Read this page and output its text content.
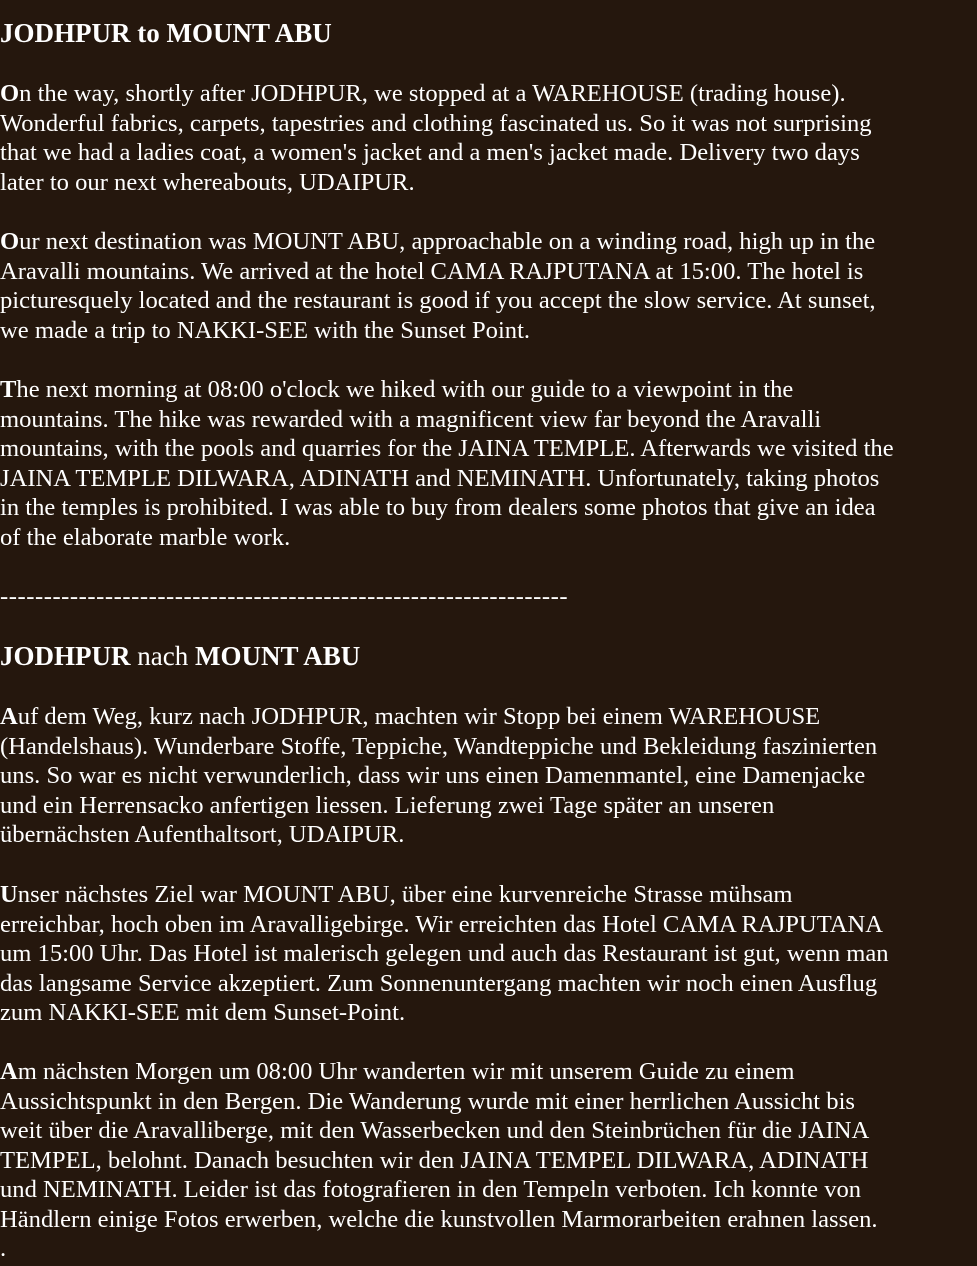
JODHPUR to MOUNT ABU

On the way, shortly after JODHPUR, we stopped at a WAREHOUSE (trading house).
Wonderful fabrics, carpets, tapestries and clothing fascinated us. So it was not surprising
that we had a ladies coat, a women's jacket and a men's jacket made. Delivery two days
later to our next whereabouts, UDAIPUR.

Our next destination was MOUNT ABU, approachable on a winding road, high up in the
Aravalli mountains. We arrived at the hotel CAMA RAJPUTANA at 15:00. The hotel is
picturesquely located and the restaurant is good if you accept the slow service. At sunset,
we made a trip to NAKKI-SEE with the Sunset Point.

The next morning at 08:00 o'clock we hiked with our guide to a viewpoint in the
mountains. The hike was rewarded with a magnificent view far beyond the Aravalli
mountains, with the pools and quarries for the JAINA TEMPLE. Afterwards we visited the
JAINA TEMPLE DILWARA, ADINATH and NEMINATH. Unfortunately, taking photos
in the temples is prohibited. I was able to buy from dealers some photos that give an idea
of the elaborate marble work.

-----------------------------------------------------------------

JODHPUR nach MOUNT ABU

Auf dem Weg, kurz nach JODHPUR, machten wir Stopp bei einem WAREHOUSE
(Handelshaus). Wunderbare Stoffe, Teppiche, Wandteppiche und Bekleidung faszinierten
uns. So war es nicht verwunderlich, dass wir uns einen Damenmantel, eine Damenjacke
und ein Herrensacko anfertigen liessen. Lieferung zwei Tage später an unseren
übernächsten Aufenthaltsort, UDAIPUR.

Unser nächstes Ziel war MOUNT ABU, über eine kurvenreiche Strasse mühsam
erreichbar, hoch oben im Aravalligebirge. Wir erreichten das Hotel CAMA RAJPUTANA
um 15:00 Uhr. Das Hotel ist malerisch gelegen und auch das Restaurant ist gut, wenn man
das langsame Service akzeptiert. Zum Sonnenuntergang machten wir noch einen Ausflug
zum NAKKI-SEE mit dem Sunset-Point.

Am nächsten Morgen um 08:00 Uhr wanderten wir mit unserem Guide zu einem
Aussichtspunkt in den Bergen. Die Wanderung wurde mit einer herrlichen Aussicht bis
weit über die Aravalliberge, mit den Wasserbecken und den Steinbrüchen für die JAINA
TEMPEL, belohnt. Danach besuchten wir den JAINA TEMPEL DILWARA, ADINATH
und NEMINATH. Leider ist das fotografieren in den Tempeln verboten. Ich konnte von
Händlern einige Fotos erwerben, welche die kunstvollen Marmorarbeiten erahnen lassen.

.
